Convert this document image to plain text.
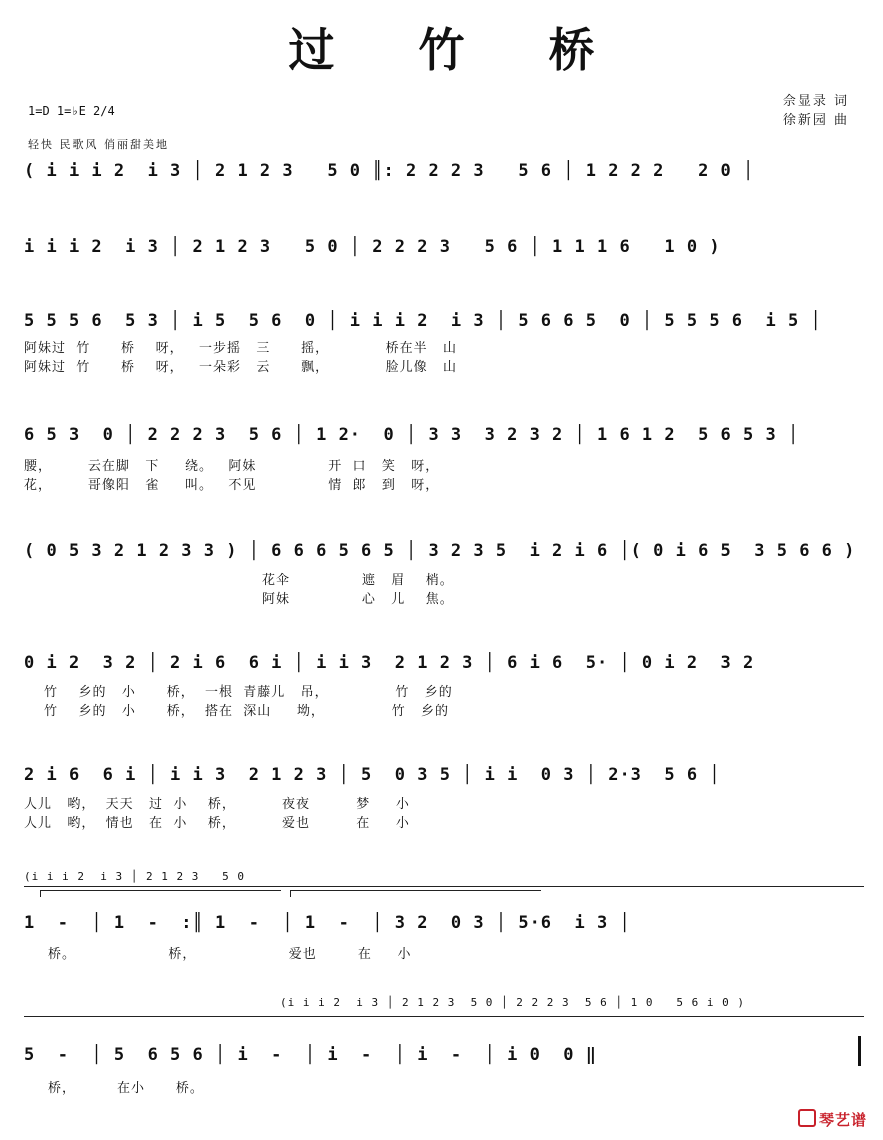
过 竹 桥
1=D 1=♭E 2/4
轻快 民歌风 俏丽甜美地
佘显录 词
徐新园 曲
( i i i 2  i 3 │ 2 1 2 3   5 0 ║: 2 2 2 3   5 6 │ 1 2 2 2   2 0 │
i i i 2  i 3 │ 2 1 2 3   5 0 │ 2 2 2 3   5 6 │ 1 1 1 6   1 0 )
5 5 5 6  5 3 │ i 5  5 6  0 │ i i i 2  i 3 │ 5 6 6 5  0 │ 5 5 5 6  i 5 │
阿妹过  竹      桥    呀，   一步摇   三      摇，           桥在半   山
阿妹过  竹      桥    呀，   一朵彩   云      飘，           脸儿像   山
6 5 3  0 │ 2 2 2 3  5 6 │ 1 2·  0 │ 3 3  3 2 3 2 │ 1 6 1 2  5 6 5 3 │
腰，       云在脚   下     绕。   阿妹              开  口   笑   呀，
花，       哥像阳   雀     叫。   不见              情  郎   到   呀，
( 0 5 3 2 1 2 3 3 ) │ 6 6 6 5 6 5 │ 3 2 3 5  i 2 i 6 │( 0 i 6 5  3 5 6 6 )
花伞              遮   眉    梢。
阿妹              心   儿    焦。
0 i 2  3 2 │ 2 i 6  6 i │ i i 3  2 1 2 3 │ 6 i 6  5· │ 0 i 2  3 2
竹    乡的   小      桥，  一根  青藤儿   吊，             竹   乡的
竹    乡的   小      桥，  搭在  深山     坳，             竹   乡的
2 i 6  6 i │ i i 3  2 1 2 3 │ 5  0 3 5 │ i i  0 3 │ 2·3  5 6 │
人儿   哟，  天天   过  小    桥，         夜夜         梦     小
人儿   哟，  情也   在  小    桥，         爱也         在     小
(i i i 2  i 3 │ 2 1 2 3   5 0
1  -  │ 1  -  :║ 1  -  │ 1  -  │ 3 2  0 3 │ 5·6  i 3 │
桥。                  桥，                  爱也        在     小
(i i i 2  i 3 │ 2 1 2 3  5 0 │ 2 2 2 3  5 6 │ 1 0   5 6 i 0 )
5  -  │ 5  6 5 6 │ i  -  │ i  -  │ i  -  │ i 0  0 ‖
桥，        在小      桥。
琴艺谱
